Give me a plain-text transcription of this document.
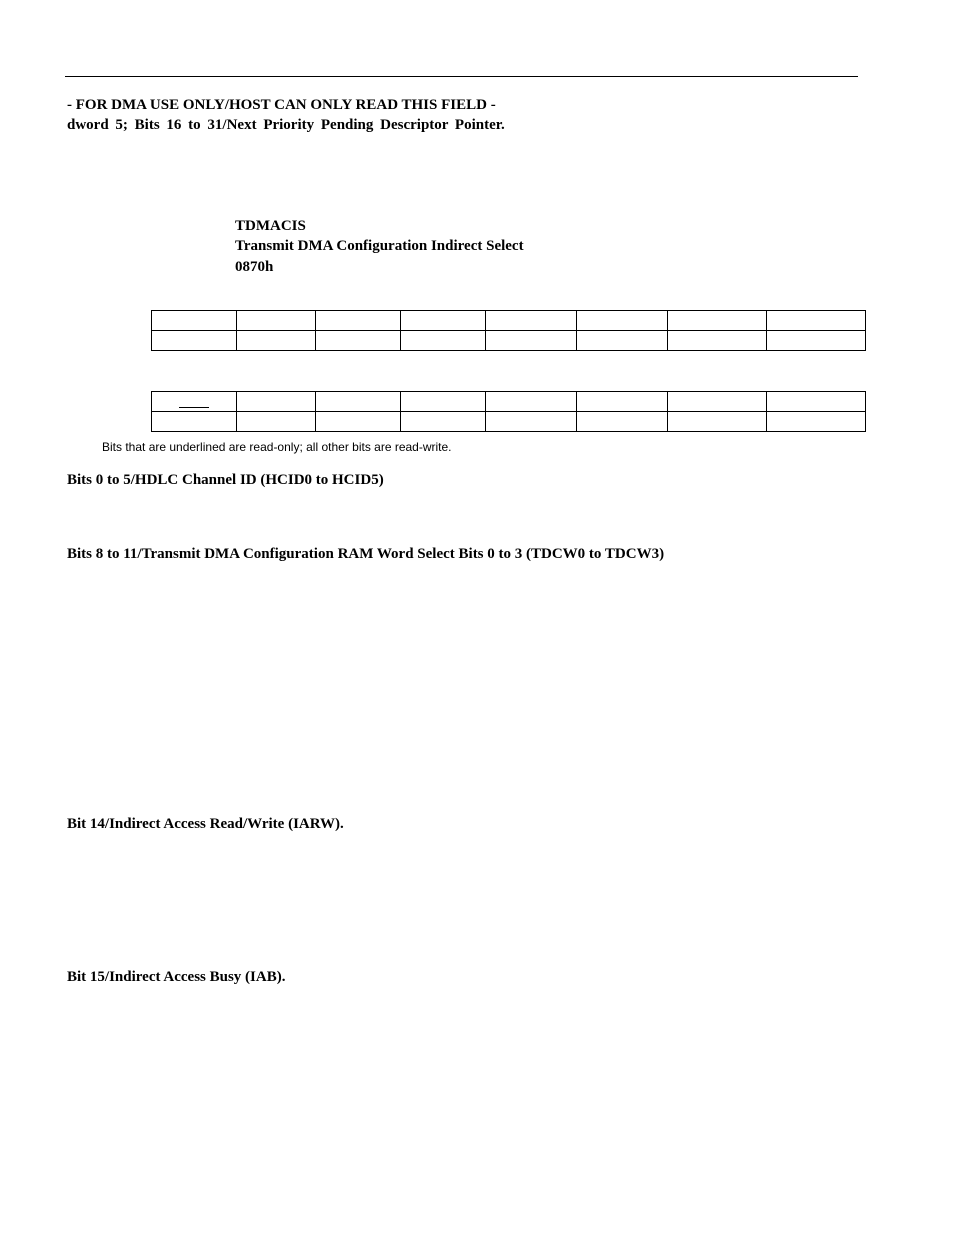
- FOR DMA USE ONLY/HOST CAN ONLY READ THIS FIELD -

dword 5; Bits 16 to 31/Next Priority Pending Descriptor Pointer.

TDMACIS

Transmit DMA Configuration Indirect Select

0870h

Bits that are underlined are read-only; all other bits are read-write.

Bits 0 to 5/HDLC Channel ID (HCID0 to HCID5)

Bits 8 to 11/Transmit DMA Configuration RAM Word Select Bits 0 to 3 (TDCW0 to TDCW3)

Bit 14/Indirect Access Read/Write (IARW).

Bit 15/Indirect Access Busy (IAB).
